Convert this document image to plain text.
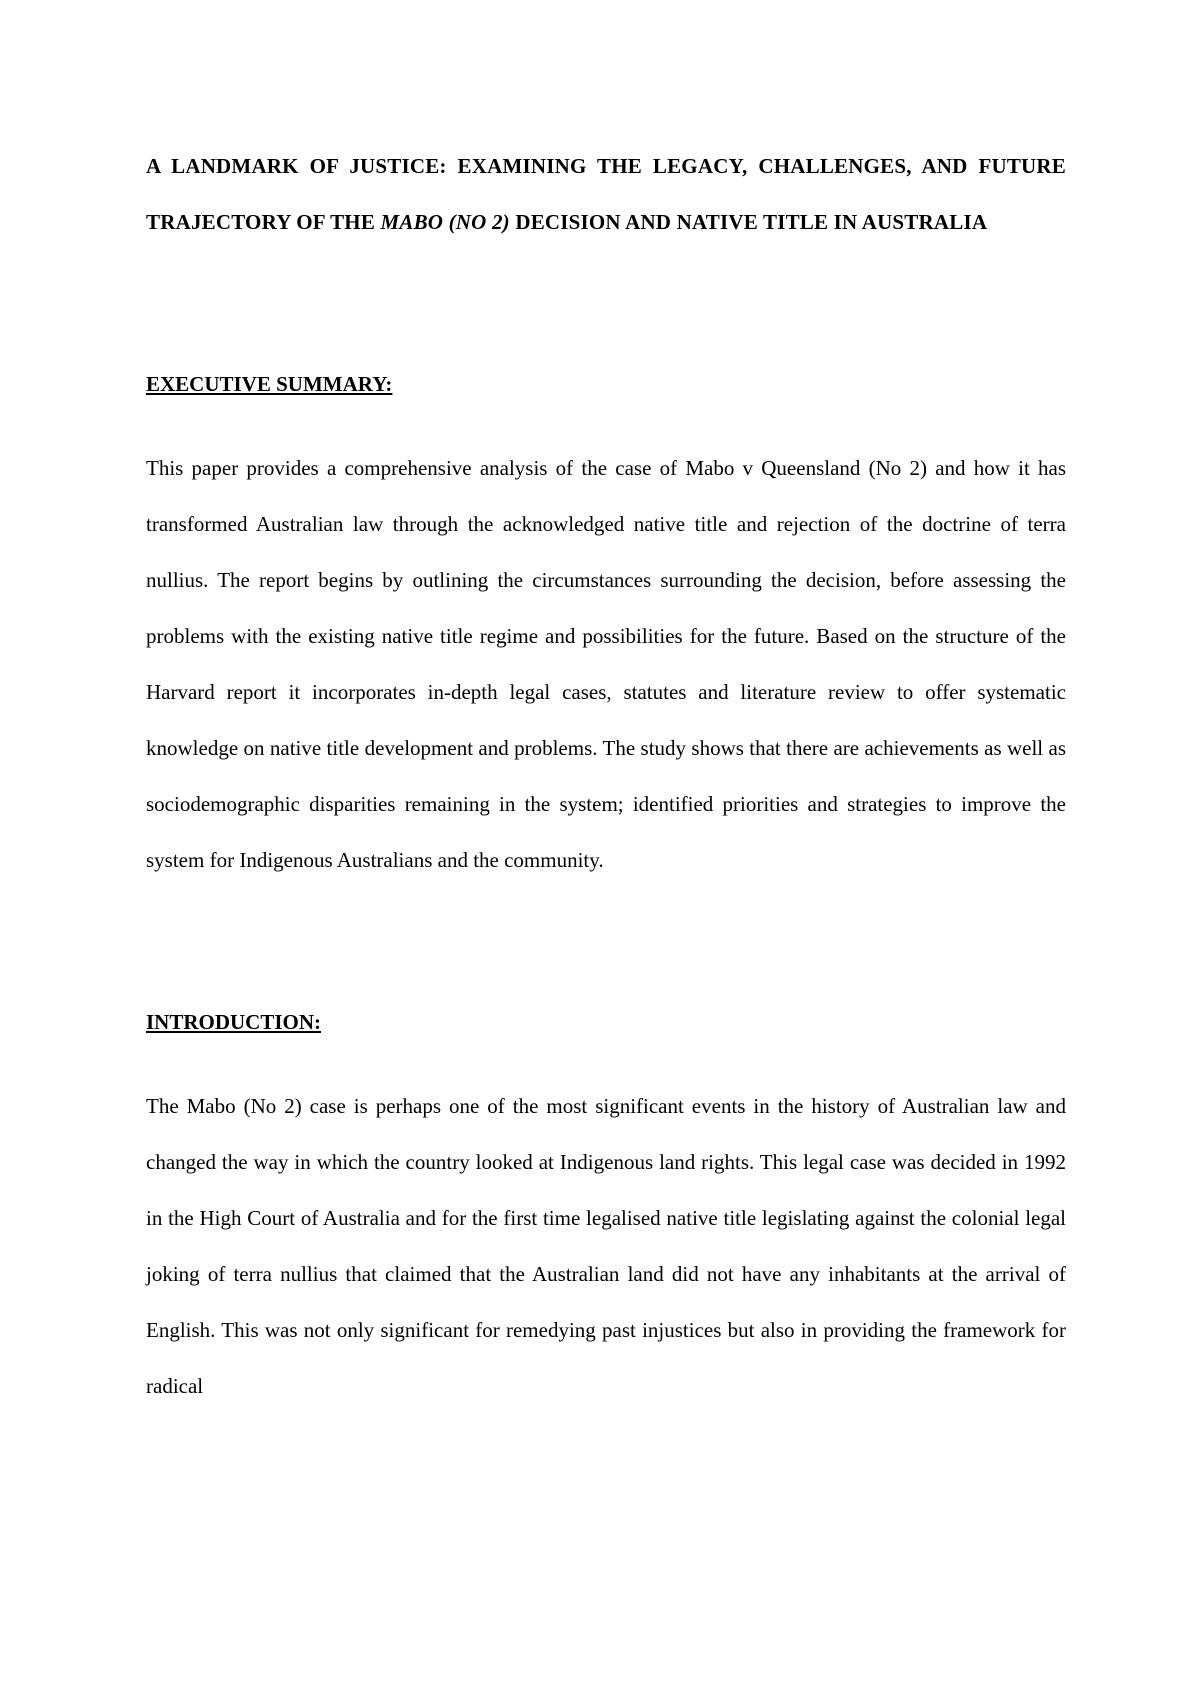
A LANDMARK OF JUSTICE: EXAMINING THE LEGACY, CHALLENGES, AND FUTURE TRAJECTORY OF THE MABO (NO 2) DECISION AND NATIVE TITLE IN AUSTRALIA
EXECUTIVE SUMMARY:

This paper provides a comprehensive analysis of the case of Mabo v Queensland (No 2) and how it has transformed Australian law through the acknowledged native title and rejection of the doctrine of terra nullius. The report begins by outlining the circumstances surrounding the decision, before assessing the problems with the existing native title regime and possibilities for the future. Based on the structure of the Harvard report it incorporates in-depth legal cases, statutes and literature review to offer systematic knowledge on native title development and problems. The study shows that there are achievements as well as sociodemographic disparities remaining in the system; identified priorities and strategies to improve the system for Indigenous Australians and the community.

INTRODUCTION:

The Mabo (No 2) case is perhaps one of the most significant events in the history of Australian law and changed the way in which the country looked at Indigenous land rights. This legal case was decided in 1992 in the High Court of Australia and for the first time legalised native title legislating against the colonial legal joking of terra nullius that claimed that the Australian land did not have any inhabitants at the arrival of English. This was not only significant for remedying past injustices but also in providing the framework for radical
